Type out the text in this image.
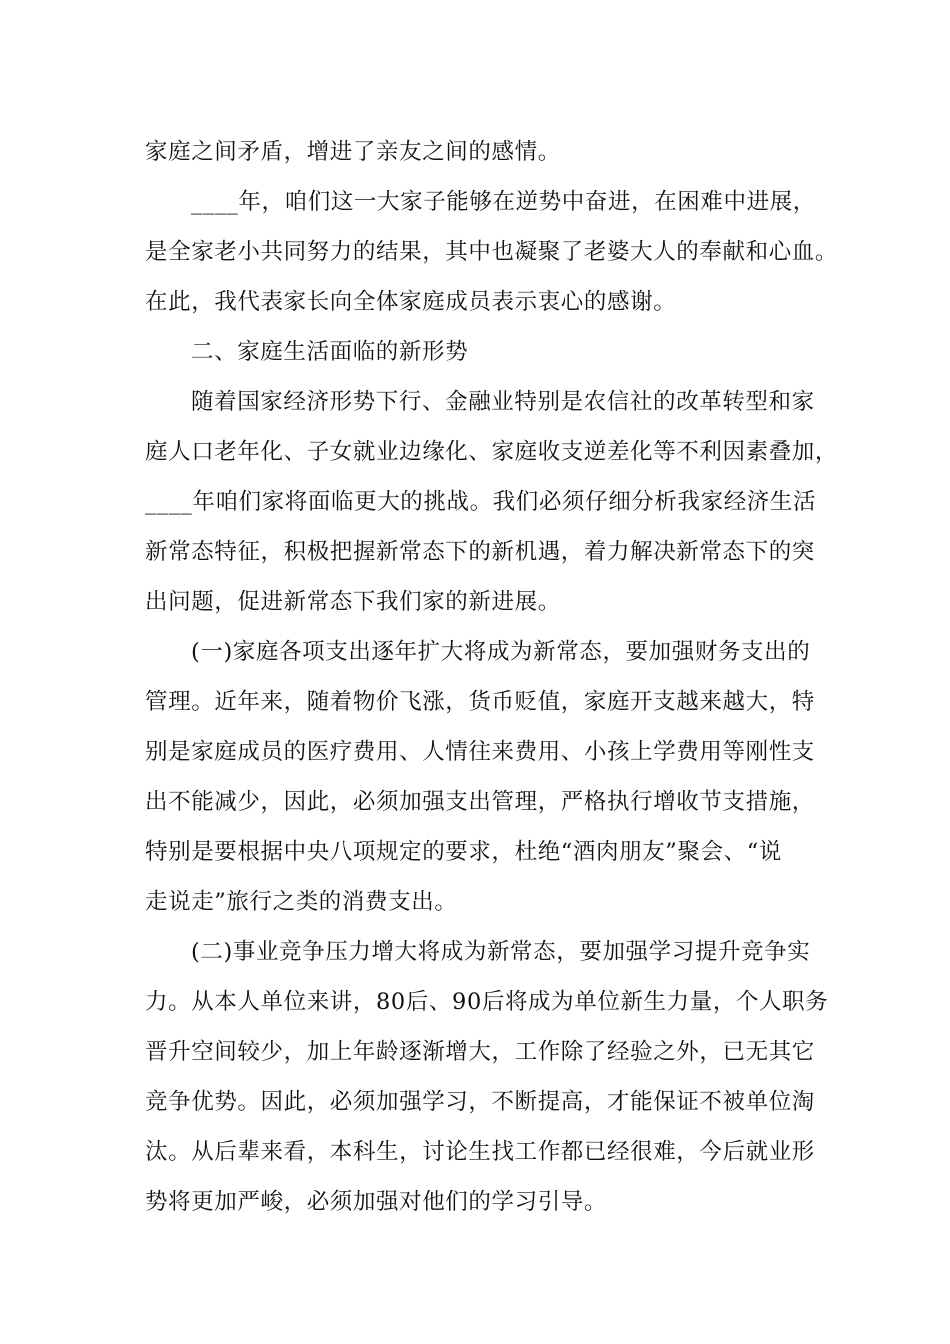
家庭之间矛盾，增进了亲友之间的感情。
____年，咱们这一大家子能够在逆势中奋进，在困难中进展，
是全家老小共同努力的结果，其中也凝聚了老婆大人的奉献和心血。
在此，我代表家长向全体家庭成员表示衷心的感谢。
二、家庭生活面临的新形势
随着国家经济形势下行、金融业特别是农信社的改革转型和家
庭人口老年化、子女就业边缘化、家庭收支逆差化等不利因素叠加，
____年咱们家将面临更大的挑战。我们必须仔细分析我家经济生活
新常态特征，积极把握新常态下的新机遇，着力解决新常态下的突
出问题，促进新常态下我们家的新进展。
(一)家庭各项支出逐年扩大将成为新常态，要加强财务支出的
管理。近年来，随着物价飞涨，货币贬值，家庭开支越来越大，特
别是家庭成员的医疗费用、人情往来费用、小孩上学费用等刚性支
出不能减少，因此，必须加强支出管理，严格执行增收节支措施，
特别是要根据中央八项规定的要求，杜绝“酒肉朋友”聚会、“说
走说走”旅行之类的消费支出。
(二)事业竞争压力增大将成为新常态，要加强学习提升竞争实
力。从本人单位来讲，80后、90后将成为单位新生力量，个人职务
晋升空间较少，加上年龄逐渐增大，工作除了经验之外，已无其它
竞争优势。因此，必须加强学习，不断提高，才能保证不被单位淘
汰。从后辈来看，本科生，讨论生找工作都已经很难，今后就业形
势将更加严峻，必须加强对他们的学习引导。
